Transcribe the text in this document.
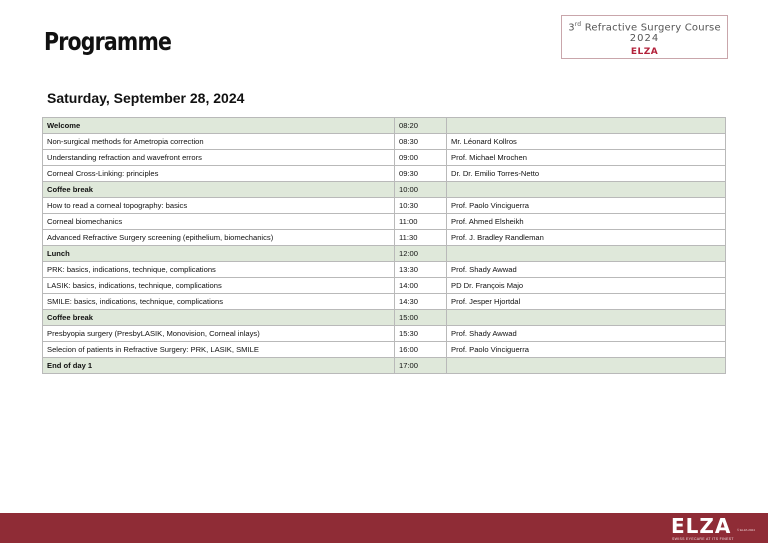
Programme	3rd Refractive Surgery Course
2024
ELZA
Saturday, September 28, 2024
Welcome	08:20	
Non-surgical methods for Ametropia correction	08:30	Mr. Léonard Kollros
Understanding refraction and wavefront errors	09:00	Prof. Michael Mrochen
Corneal Cross-Linking: principles	09:30	Dr. Dr. Emilio Torres-Netto
Coffee break	10:00	
How to read a corneal topography: basics	10:30	Prof. Paolo Vinciguerra
Corneal biomechanics	11:00	Prof. Ahmed Elsheikh
Advanced Refractive Surgery screening (epithelium, biomechanics)	11:30	Prof. J. Bradley Randleman
Lunch	12:00	
PRK: basics, indications, technique, complications	13:30	Prof. Shady Awwad
LASIK: basics, indications, technique, complications	14:00	PD Dr. François Majo
SMILE: basics, indications, technique, complications	14:30	Prof. Jesper Hjortdal
Coffee break	15:00	
Presbyopia surgery (PresbyLASIK, Monovision, Corneal inlays)	15:30	Prof. Shady Awwad
Selecion of patients in Refractive Surgery: PRK, LASIK, SMILE	16:00	Prof. Paolo Vinciguerra
End of day 1	17:00	
ELZA
SWISS EYECARE AT ITS FINEST
© ELZA 2024
